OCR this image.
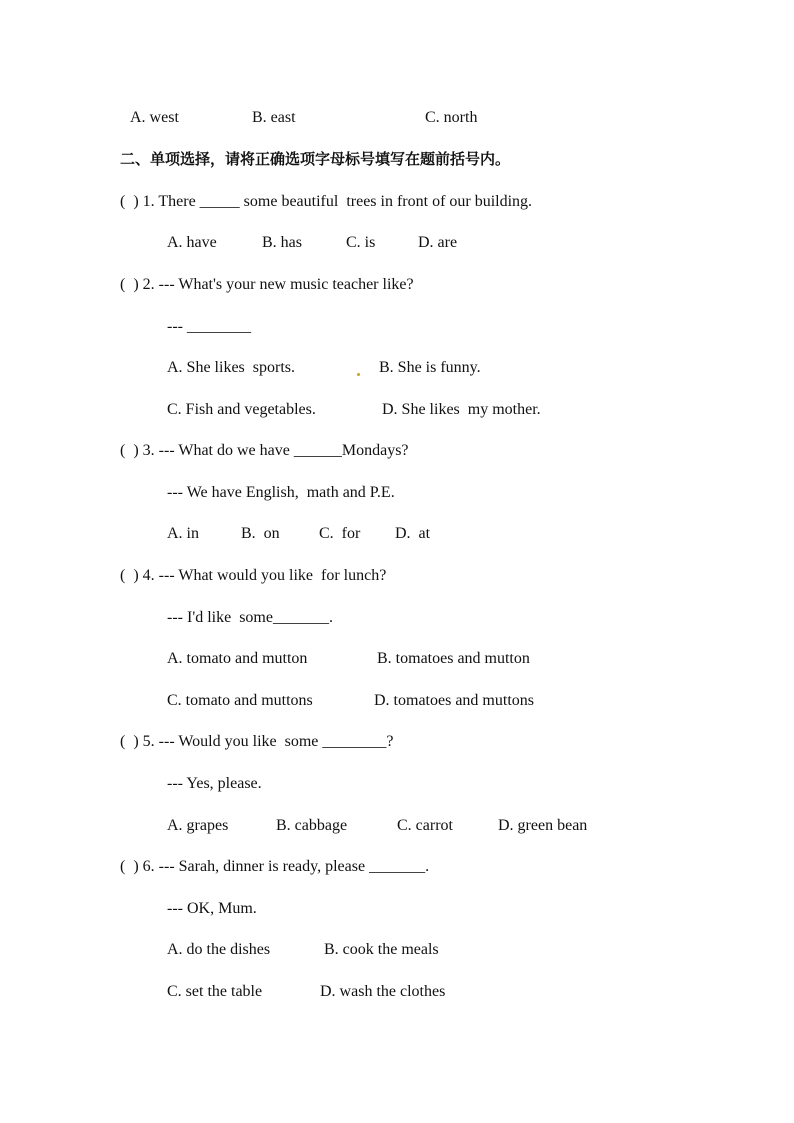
A. west	B. east	C. north
二、单项选择，请将正确选项字母标号填写在题前括号内。
(  ) 1. There _____ some beautiful  trees in front of our building.
A. have	B. has	C. is	D. are
(  ) 2. --- What's your new music teacher like?
--- ________
A. She likes  sports.	B. She is funny.
C. Fish and vegetables.	D. She likes  my mother.
(  ) 3. --- What do we have ______Mondays?
--- We have English,  math and P.E.
A. in	B.  on C.  for D.  at
(  ) 4. --- What would you like  for lunch?
--- I'd like  some_______.
A. tomato and mutton	B. tomatoes and mutton
C. tomato and muttons	D. tomatoes and muttons
(  ) 5. --- Would you like  some ________?
--- Yes, please.
A. grapes	B. cabbage	C. carrot	D. green bean
(  ) 6. --- Sarah, dinner is ready, please _______.
--- OK, Mum.
A. do the dishes	B. cook the meals
C. set the table	D. wash the clothes
